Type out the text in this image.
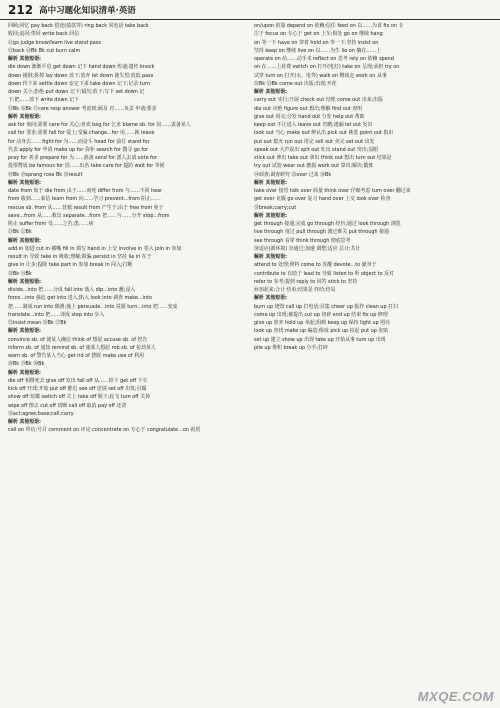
212 高中习题化知识清单·英语

回顾;回忆 pay back 偿还(债款等) ring back 回电话 take back

收回;退回;带回 write back 回信

⑫go judge know/learn live stand pass

⑬back ⑭Bk Bk cut burn calm

解析 其他短语:

die down 渐渐平息 get down 记下 hand down 传递;遗传 knock

down 撞倒;拆掉 lay down 放下;放弃 let down 使失望;放低 pass

down 传下来 settle down 安定下来 take down 记下;记录 turn

down 关小;拒绝 put down 记下;镇压;放下;写下 set down 记

下;把……放下 write down 记下

⑮Bk ⑯Bk ⑰care resp answer 考虑到;顾及 对……负责 申请;要求

解析 其他短语:

ask for 询问;需要 care for 关心;喜欢 beg for 乞求 blame sb. for 因……责备某人

call for 要求;需要 fall for 爱上;受骗 change...for 用……换 leave

for 动身去…… fight for 为……而奋斗 head for 前往 stand for

代表 apply for 申请 make up for 弥补 search for 搜寻 go for

pray for 祈求 prepare for 为……准备 send for 派人去请 vote for

投票赞成 be famous for 因……出名 take care for 提防 wait for 等候

⑱Bk ⑲sprang rose Bk ⑳result

解析 其他短语:

date from 始于 die from 由于……而死 differ from 与……不同 hear

from 收到……来信 learn from 向……学习 prevent...from 阻止……

rescue sb. from 从……营救 result from 产生于;由于 free from 免于

save...from 从……救出 separate...from 把……与……分开 stop...from

阻止 suffer from 受……之苦;患……病

㉑Bk ㉒Bk

解析 其他短语:

add in 加进 cut in 插嘴 fill in 填写 hand in 上交 involve in 卷入 join in 参加

result in 导致 take in 吸收;理解;欺骗 persist in 坚持 lie in 在于

give in 让步;投降 take part in 参加 break in 闯入;打断

㉓Bk ㉔Bk

解析 其他短语:

divide...into 把……分成 fall into 落入 dip...into 蘸;浸入

force...into 强迫 get into 进入;陷入 look into 调查 make...into

把……制成 run into 偶遇;撞上 persuade...into 说服 turn...into 把……变成

translate...into 把……译成 step into 步入

㉕insist mean ㉖Bk ㉗Bk

解析 其他短语:

convince sb. of 使某人确信 think of 想起 accuse sb. of 控告

inform sb. of 通知 remind sb. of 使某人想起 rob sb. of 抢劫某人

warn sb. of 警告某人当心 get rid of 摆脱 make use of 利用

㉘Bk ㉙Bk ㉚Bk

解析 其他短语:

die off 相继死去 give off 发出 fall off 从……掉下 get off 下车

kick off 开球;开始 put off 推迟 see off 送别 set off 出发;引爆

show off 炫耀 switch off 关上 take off 脱下;起飞 turn off 关掉

wipe off 擦去 cut off 切断 call off 取消 pay off 还清

㉛act;agree;base;call;carry

解析 其他短语:

call on 拜访;号召 comment on 评论 concentrate on 专心于 congratulate...on 祝贺

on/upon 依靠 depend on 依赖;信任 feed on 以……为食 fix on 专

注于 focus on 专心于 get on 上车;相处 go on 继续 hang

on 等一下 have on 穿着 hold on 等一下;坚持 insist on

坚持 keep on 继续 live on 以……为生 lie on 躺在……上

operate on 给……动手术 reflect on 思考 rely on 依赖 spend

on 在……上花费 switch on 打开(电灯) take on 呈现;承担 try on

试穿 turn on 打开(水、电等) walk on 继续走 work on 从事

㉜Bk ㉝Bk come out 出版;出现;开花

解析 其他短语:

carry out 实行;开展 check out 结账 come out 出来;出版

die out 灭绝 figure out 想出;理解 find out 查明

give out 用完;分发 hand out 分发 help out 帮助

keep out 不让进入 leave out 省略;遗漏 let out 发出

look out 当心 make out 辨认出 pick out 挑选 point out 指出

put out 熄灭 run out 用完 sell out 卖完 set out 出发

speak out 大声说出 spit out 吐出 stand out 突出;显眼

stick out 伸出 take out 拿出 think out 想出 turn out 结果是

try out 试验 wear out 磨损 work out 算出;解决;锻炼

㉞调查;调查研究 ㉟over 过来 ㊱Bk

解析 其他短语:

take over 接管 talk over 商量 think over 仔细考虑 turn over 翻过来

get over 克服 go over 复习 hand over 上交 look over 检查

㊲break;carry;cut

解析 其他短语:

get through 接通;完成 go through 经历;通过 look through 浏览

live through 度过 pull through 渡过难关 put through 接通

see through 看穿 think through 彻底思考

㊳适应(新环境) ㊴通过;加速 调整;适应 总计;共计

解析 其他短语:

attend to 处理;照料 come to 苏醒 devote...to 献身于

contribute to 有助于 lead to 导致 listen to 听 object to 反对

refer to 参考;提到 reply to 回答 stick to 坚持

㊵加起来;合计 结束;结果是 终结;结局

解析 其他短语:

burn up 烧毁 call up 打电话;召集 cheer up 振作 clean up 打扫

come up 出现;被提出 cut up 切碎 end up 结束 fix up 修理

give up 放弃 hold up 举起;阻碍 keep up 保持 light up 照亮

look up 查找 make up 编造;组成 pick up 捡起 put up 张贴

set up 建立 show up 出现 take up 开始从事 turn up 出现

pile up 堆积 break up 分手;打碎

MXQE.COM
